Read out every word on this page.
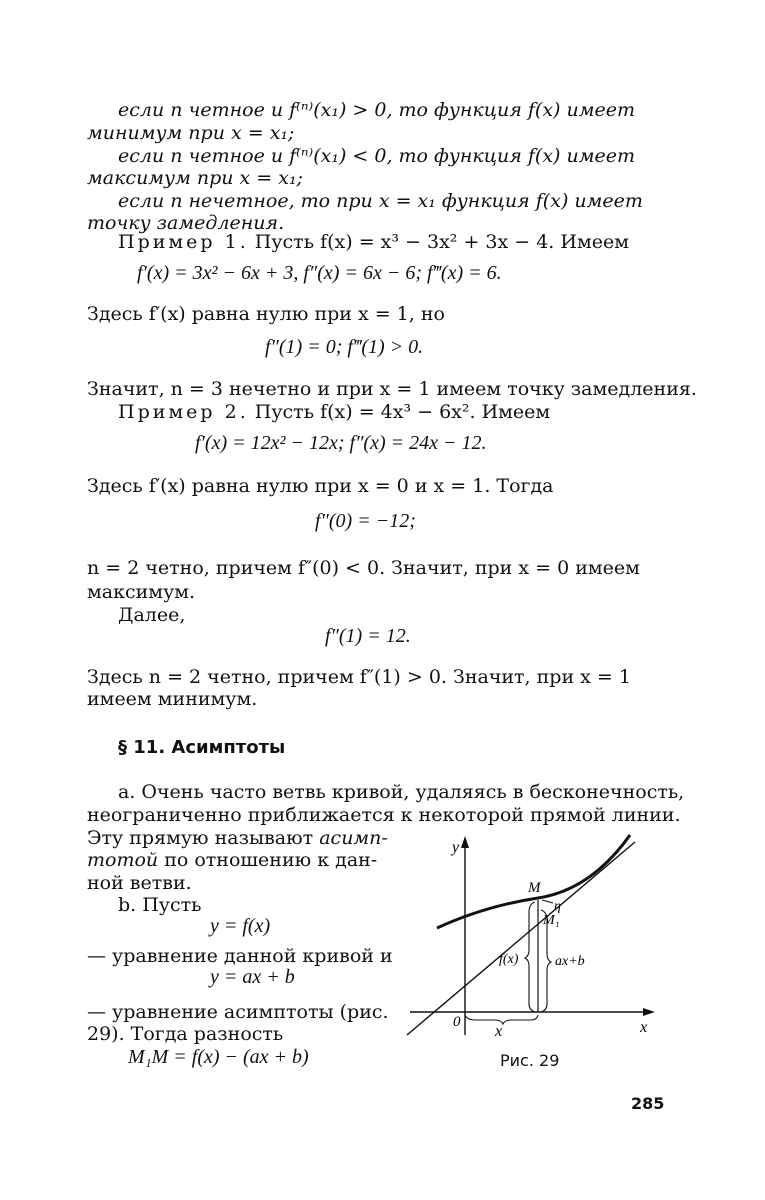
если n четное и f⁽ⁿ⁾(x₁) > 0, то функция f(x) имеет
минимум при x = x₁;
если n четное и f⁽ⁿ⁾(x₁) < 0, то функция f(x) имеет
максимум при x = x₁;
если n нечетное, то при x = x₁ функция f(x) имеет
точку замедления.
Пример 1. Пусть f(x) = x³ − 3x² + 3x − 4. Имеем
f′(x) = 3x² − 6x + 3, f″(x) = 6x − 6; f‴(x) = 6.
Здесь f′(x) равна нулю при x = 1, но
f″(1) = 0; f‴(1) > 0.
Значит, n = 3 нечетно и при x = 1 имеем точку замедления.
Пример 2. Пусть f(x) = 4x³ − 6x². Имеем
f′(x) = 12x² − 12x; f″(x) = 24x − 12.
Здесь f′(x) равна нулю при x = 0 и x = 1. Тогда
f″(0) = −12;
n = 2 четно, причем f″(0) < 0. Значит, при x = 0 имеем
максимум.
Далее,
f″(1) = 12.
Здесь n = 2 четно, причем f″(1) > 0. Значит, при x = 1
имеем минимум.
§ 11. Асимптоты
a. Очень часто ветвь кривой, удаляясь в бесконечность,
неограниченно приближается к некоторой прямой линии.
Эту прямую называют асимп-
тотой по отношению к дан-
ной ветви.
b. Пусть
y = f(x)
— уравнение данной кривой и
y = ax + b
— уравнение асимптоты (рис.
29). Тогда разность
M₁M = f(x) − (ax + b)
y
x
0
M
M₁
η
f(x)	ax+b
x
Рис. 29
285
